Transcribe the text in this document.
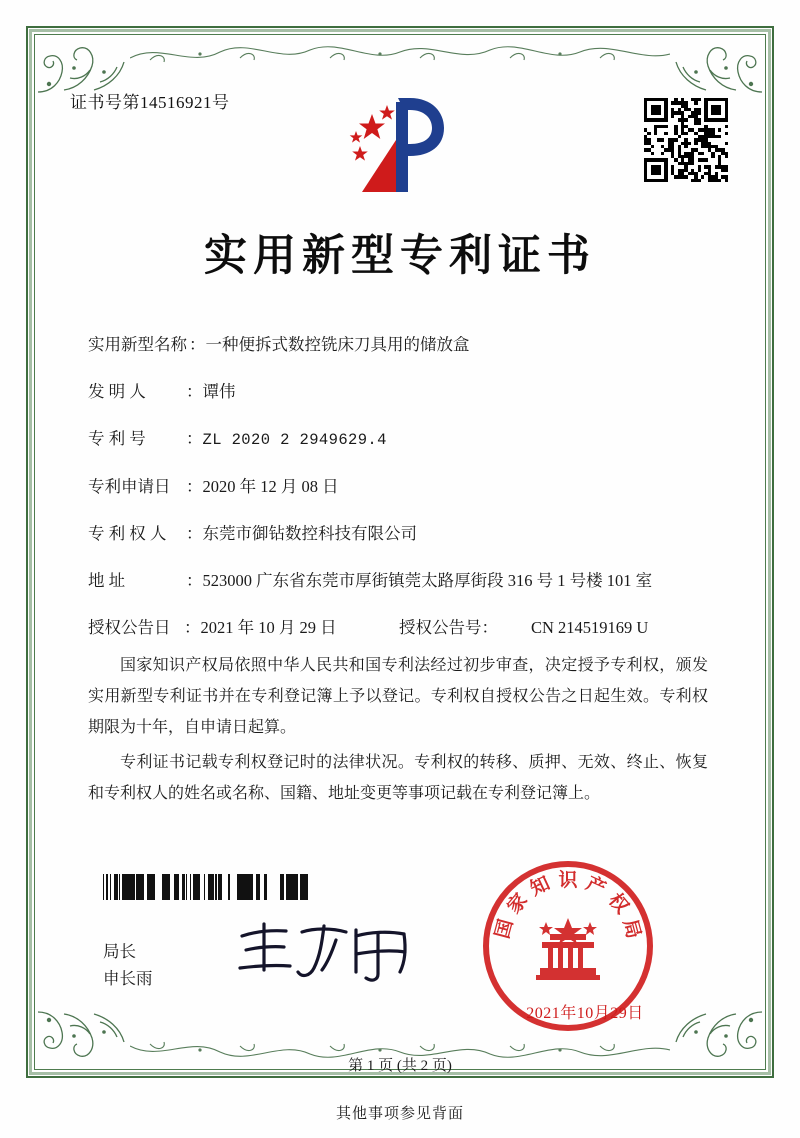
证书号第14516921号
实用新型专利证书
实用新型名称 ：一种便拆式数控铣床刀具用的储放盒
发 明 人	：谭伟
专 利 号	：ZL 2020 2 2949629.4
专利申请日 ：2020 年 12 月 08 日
专 利 权 人 ：东莞市御钻数控科技有限公司
地 址	：523000 广东省东莞市厚街镇莞太路厚街段 316 号 1 号楼 101 室
授权公告日 ：2021 年 10 月 29 日	授权公告号：	CN 214519169 U

国家知识产权局依照中华人民共和国专利法经过初步审查，决定授予专利权，颁发实用新型专利证书并在专利登记簿上予以登记。专利权自授权公告之日起生效。专利权期限为十年，自申请日起算。

专利证书记载专利权登记时的法律状况。专利权的转移、质押、无效、终止、恢复和专利权人的姓名或名称、国籍、地址变更等事项记载在专利登记簿上。

局长
申长雨
国
家
知 识 产
权
局
2021年10月29日
第 1 页 (共 2 页)
其他事项参见背面
